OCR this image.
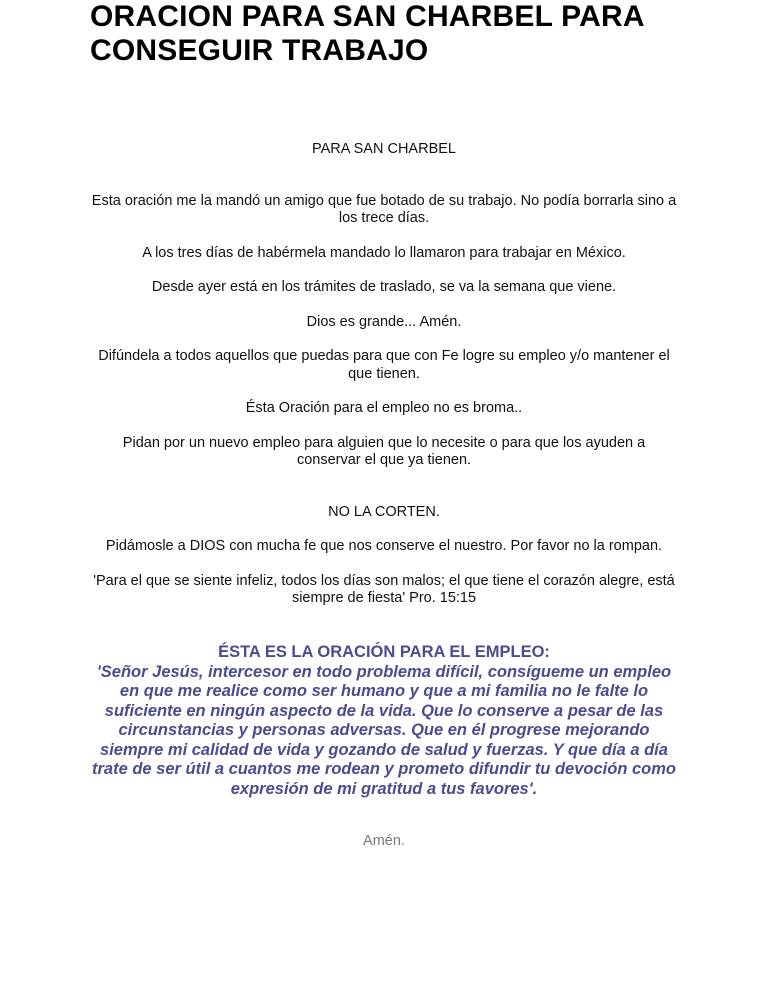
ORACION PARA SAN CHARBEL PARA CONSEGUIR TRABAJO
PARA SAN CHARBEL
Esta oración me la mandó un amigo que fue botado de su trabajo. No podía borrarla sino a los trece días.
A los tres días de habérmela mandado lo llamaron para trabajar en México.
Desde ayer está en los trámites de traslado, se va la semana que viene.
Dios es grande... Amén.
Difúndela a todos aquellos que puedas para que con Fe logre su empleo y/o mantener el que tienen.
Ésta Oración para el empleo no es broma..
Pidan por un nuevo empleo para alguien que lo necesite o para que los ayuden a conservar el que ya tienen.
NO LA CORTEN.
Pidámosle a DIOS con mucha fe que nos conserve el nuestro. Por favor no la rompan.
'Para el que se siente infeliz, todos los días son malos; el que tiene el corazón alegre, está siempre de fiesta' Pro. 15:15
ÉSTA ES LA ORACIÓN PARA EL EMPLEO:
'Señor Jesús, intercesor en todo problema difícil, consígueme un empleo en que me realice como ser humano y que a mi familia no le falte lo suficiente en ningún aspecto de la vida. Que lo conserve a pesar de las circunstancias y personas adversas. Que en él progrese mejorando siempre mi calidad de vida y gozando de salud y fuerzas. Y que día a día trate de ser útil a cuantos me rodean y prometo difundir tu devoción como expresión de mi gratitud a tus favores'.
Amén.
